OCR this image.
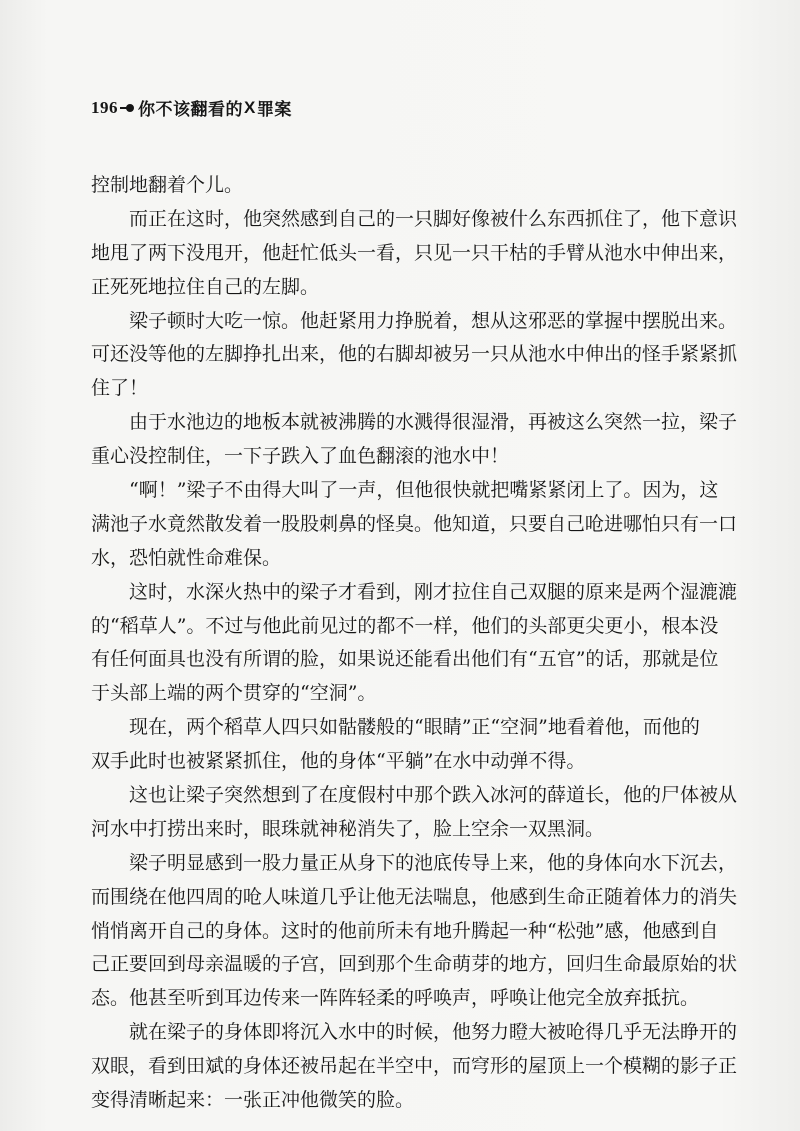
196 你不该翻看的 X 罪案
控制地翻着个儿。
而正在这时，他突然感到自己的一只脚好像被什么东西抓住了，他下意识
地甩了两下没甩开，他赶忙低头一看，只见一只干枯的手臂从池水中伸出来，
正死死地拉住自己的左脚。
梁子顿时大吃一惊。他赶紧用力挣脱着，想从这邪恶的掌握中摆脱出来。
可还没等他的左脚挣扎出来，他的右脚却被另一只从池水中伸出的怪手紧紧抓
住了！
由于水池边的地板本就被沸腾的水溅得很湿滑，再被这么突然一拉，梁子
重心没控制住，一下子跌入了血色翻滚的池水中！
“啊！”梁子不由得大叫了一声，但他很快就把嘴紧紧闭上了。因为，这
满池子水竟然散发着一股股刺鼻的怪臭。他知道，只要自己呛进哪怕只有一口
水，恐怕就性命难保。
这时，水深火热中的梁子才看到，刚才拉住自己双腿的原来是两个湿漉漉
的“稻草人”。不过与他此前见过的都不一样，他们的头部更尖更小，根本没
有任何面具也没有所谓的脸，如果说还能看出他们有“五官”的话，那就是位
于头部上端的两个贯穿的“空洞”。
现在，两个稻草人四只如骷髅般的“眼睛”正“空洞”地看着他，而他的
双手此时也被紧紧抓住，他的身体“平躺”在水中动弹不得。
这也让梁子突然想到了在度假村中那个跌入冰河的薛道长，他的尸体被从
河水中打捞出来时，眼珠就神秘消失了，脸上空余一双黑洞。
梁子明显感到一股力量正从身下的池底传导上来，他的身体向水下沉去，
而围绕在他四周的呛人味道几乎让他无法喘息，他感到生命正随着体力的消失
悄悄离开自己的身体。这时的他前所未有地升腾起一种“松弛”感，他感到自
己正要回到母亲温暖的子宫，回到那个生命萌芽的地方，回归生命最原始的状
态。他甚至听到耳边传来一阵阵轻柔的呼唤声，呼唤让他完全放弃抵抗。
就在梁子的身体即将沉入水中的时候，他努力瞪大被呛得几乎无法睁开的
双眼，看到田斌的身体还被吊起在半空中，而穹形的屋顶上一个模糊的影子正
变得清晰起来：一张正冲他微笑的脸。
